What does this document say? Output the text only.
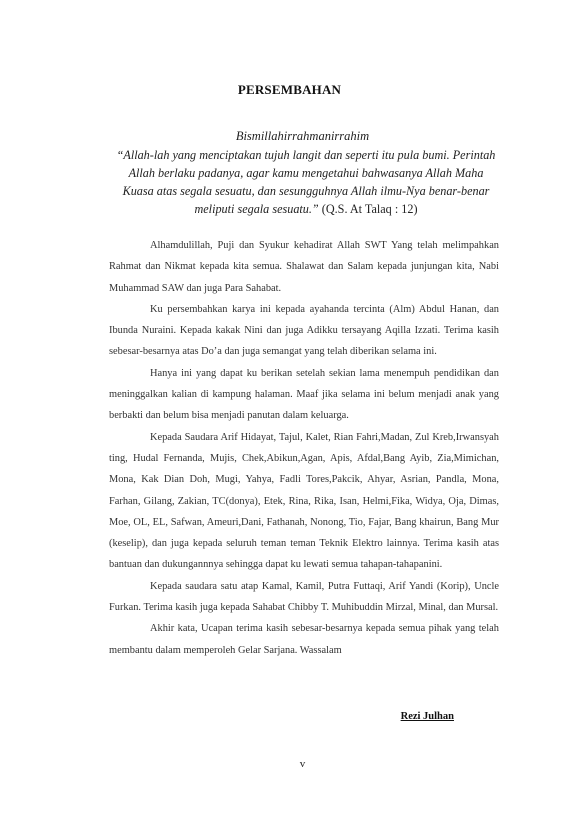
PERSEMBAHAN
Bismillahirrahmanirrahim
“Allah-lah yang menciptakan tujuh langit dan seperti itu pula bumi. Perintah Allah berlaku padanya, agar kamu mengetahui bahwasanya Allah Maha Kuasa atas segala sesuatu, dan sesungguhnya Allah ilmu-Nya benar-benar meliputi segala sesuatu.” (Q.S. At Talaq : 12)

Alhamdulillah, Puji dan Syukur kehadirat Allah SWT Yang telah melimpahkan Rahmat dan Nikmat kepada kita semua. Shalawat dan Salam kepada junjungan kita, Nabi Muhammad SAW dan juga Para Sahabat.

Ku persembahkan karya ini kepada ayahanda tercinta (Alm) Abdul Hanan, dan Ibunda Nuraini. Kepada kakak Nini dan juga Adikku tersayang Aqilla Izzati. Terima kasih sebesar-besarnya atas Do’a dan juga semangat yang telah diberikan selama ini.

Hanya ini yang dapat ku berikan setelah sekian lama menempuh pendidikan dan meninggalkan kalian di kampung halaman. Maaf jika selama ini belum menjadi anak yang berbakti dan belum bisa menjadi panutan dalam keluarga.

Kepada Saudara Arif Hidayat, Tajul, Kalet, Rian Fahri,Madan, Zul Kreb,Irwansyah ting, Hudal Fernanda, Mujis, Chek,Abikun,Agan, Apis, Afdal,Bang Ayib, Zia,Mimichan, Mona, Kak Dian Doh, Mugi, Yahya, Fadli Tores,Pakcik, Ahyar, Asrian, Pandla, Mona, Farhan, Gilang, Zakian, TC(donya), Etek, Rina, Rika, Isan, Helmi,Fika, Widya, Oja, Dimas, Moe, OL, EL, Safwan, Ameuri,Dani, Fathanah, Nonong, Tio, Fajar, Bang khairun, Bang Mur (keselip), dan juga kepada seluruh teman teman Teknik Elektro lainnya. Terima kasih atas bantuan dan dukungannnya sehingga dapat ku lewati semua tahapan-tahapanini.

Kepada saudara satu atap Kamal, Kamil, Putra Futtaqi, Arif Yandi (Korip), Uncle Furkan. Terima kasih juga kepada Sahabat Chibby T. Muhibuddin Mirzal, Minal, dan Mursal.

Akhir kata, Ucapan terima kasih sebesar-besarnya kepada semua pihak yang telah membantu dalam memperoleh Gelar Sarjana. Wassalam

Rezi Julhan
v
